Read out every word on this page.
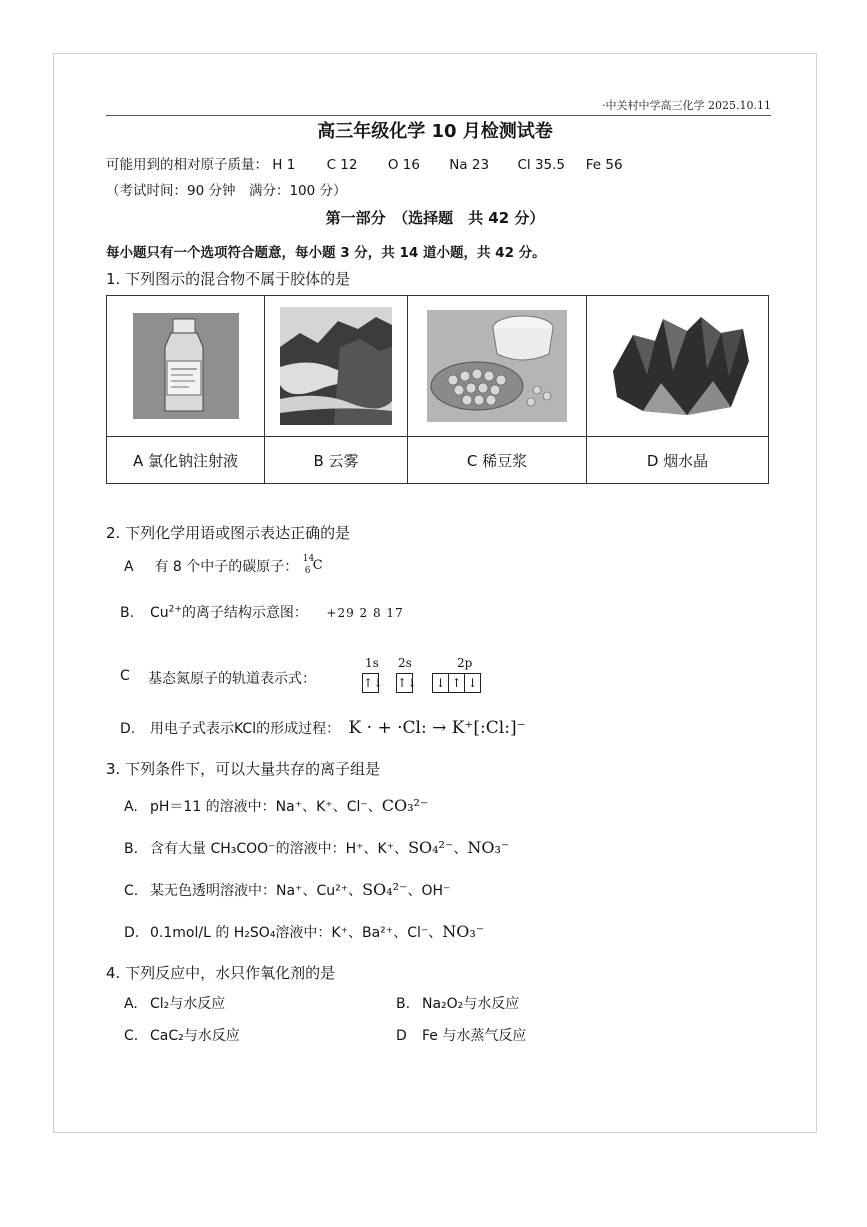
·中关村中学高三化学 2025.10.11
高三年级化学 10 月检测试卷
可能用到的相对原子质量： H 1 C 12 O 16 Na 23 Cl 35.5 Fe 56
（考试时间：90 分钟　满分：100 分）
第一部分　（选择题　共 42 分）
每小题只有一个选项符合题意，每小题 3 分，共 14 道小题，共 42 分。
1. 下列图示的混合物不属于胶体的是

A 氯化钠注射液	B 云雾	C 稀豆浆	D 烟水晶
2. 下列化学用语或图示表达正确的是
A 有 8 个中子的碳原子： 14
6 C
B. $Cu^{2+}$的离子结构示意图： +29 2 8 17
C	基态氮原子的轨道表示式：
1s 2s	2p
↑↓ ↑↓ ↓ ↑ ↓
D. 用电子式表示KCl的形成过程： K · + ·Cl: → K⁺[:Cl:]⁻
3. 下列条件下，可以大量共存的离子组是
A. pH＝11 的溶液中：Na⁺、K⁺、Cl⁻、CO₃²⁻
B. 含有大量 CH₃COO⁻的溶液中：H⁺、K⁺、SO₄²⁻、NO₃⁻
C. 某无色透明溶液中：Na⁺、Cu²⁺、SO₄²⁻、OH⁻
D. 0.1mol/L 的 H₂SO₄溶液中：K⁺、Ba²⁺、Cl⁻、NO₃⁻
4. 下列反应中，水只作氧化剂的是
A. Cl₂与水反应	B. Na₂O₂与水反应
C. CaC₂与水反应	D Fe 与水蒸气反应
